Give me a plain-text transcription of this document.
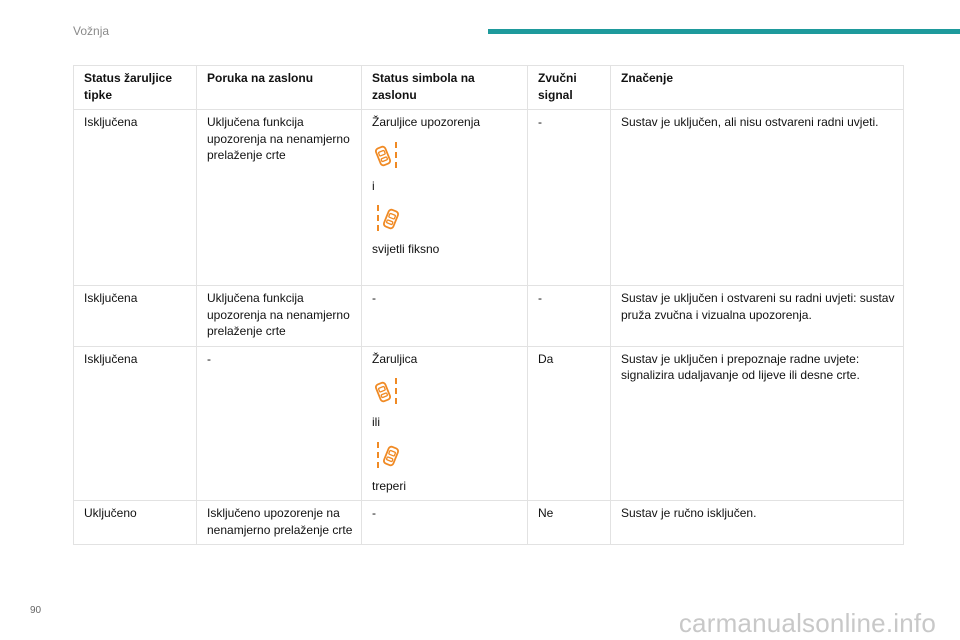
Vožnja
Status žaruljice tipke	Poruka na zaslonu	Status simbola na zaslonu	Zvučni signal	Značenje
Isključena	Uključena funkcija upozorenja na nenamjerno prelaženje crte	Žaruljice upozorenja
i
svijetli fiksno	-	Sustav je uključen, ali nisu ostvareni radni uvjeti.
Isključena	Uključena funkcija upozorenja na nenamjerno prelaženje crte	-	-	Sustav je uključen i ostvareni su radni uvjeti: sustav pruža zvučna i vizualna upozorenja.
Isključena	-	Žaruljica
ili
treperi	Da	Sustav je uključen i prepoznaje radne uvjete: signalizira udaljavanje od lijeve ili desne crte.
Uključeno	Isključeno upozorenje na nenamjerno prelaženje crte	-	Ne	Sustav je ručno isključen.
90	carmanualsonline.info
